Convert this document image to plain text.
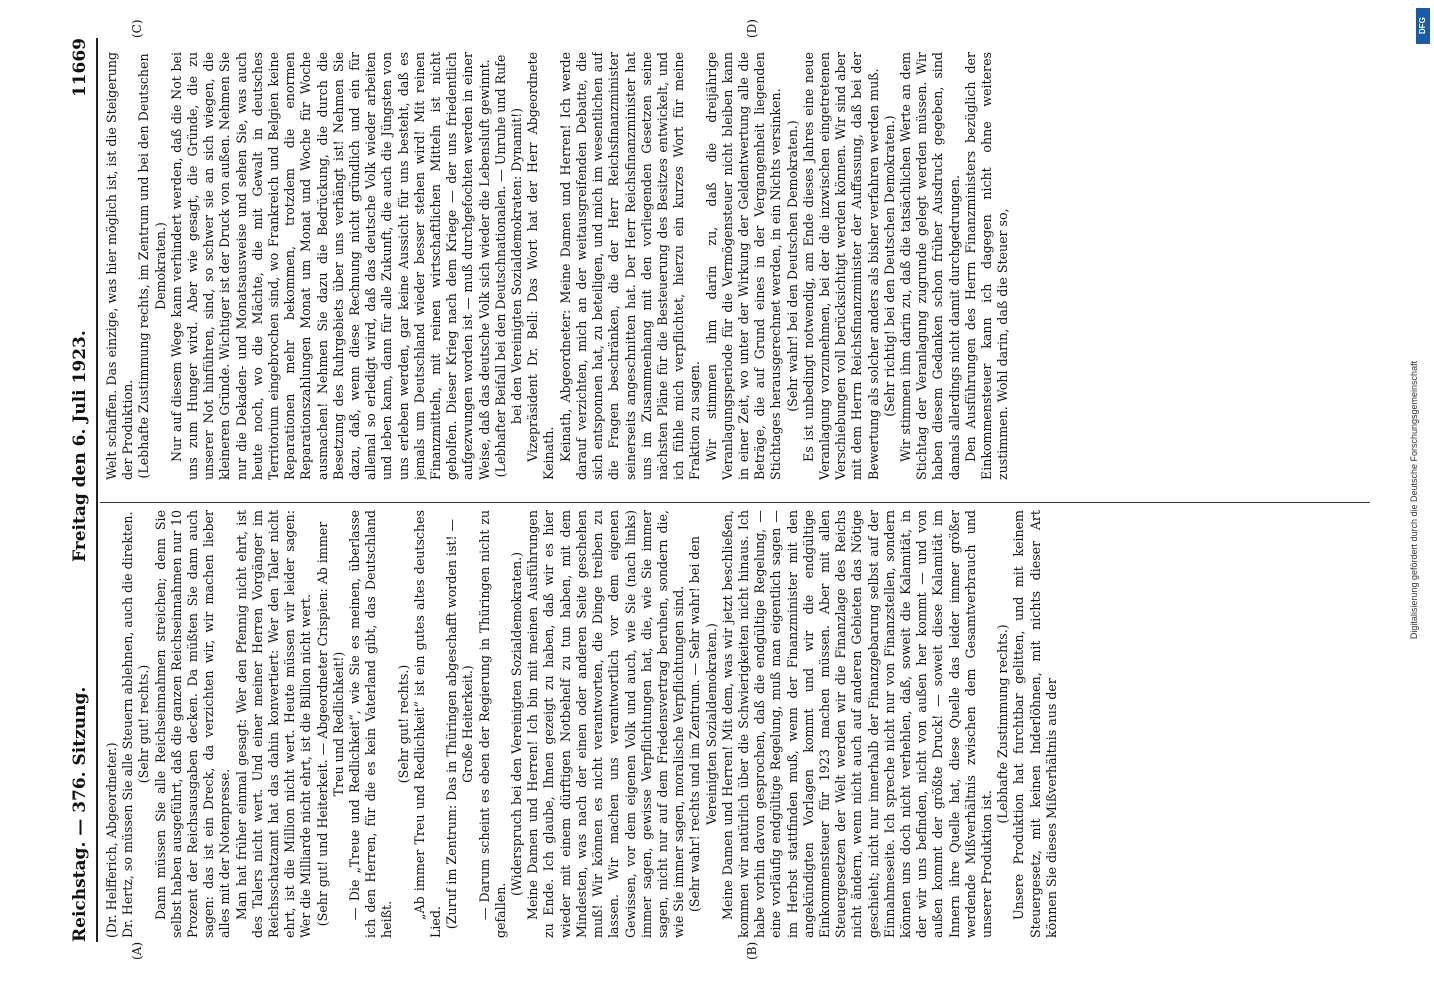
Reichstag. — 376. Sitzung.
Freitag den 6. Juli 1923.
11669
(A)	(B)
(C)	(D)

(Dr. Helfferich, Abgeordneter.) Dr. Hertz, so müssen Sie alle Steuern ablehnen, auch die direkten. (Sehr gut! rechts.) Dann müssen Sie alle Reichseinnahmen streichen; denn Sie selbst haben ausgeführt, daß die ganzen Reichseinnahmen nur 10 Prozent der Reichsausgaben decken. Da müßten Sie dann auch sagen: das ist ein Dreck, da verzichten wir, wir machen lieber alles mit der Notenpresse. Man hat früher einmal gesagt: Wer den Pfennig nicht ehrt, ist des Talers nicht wert. Und einer meiner Herren Vorgänger im Reichsschatzamt hat das dahin konvertiert: Wer den Taler nicht ehrt, ist die Million nicht wert. Heute müssen wir leider sagen: Wer die Milliarde nicht ehrt, ist die Billion nicht wert. (Sehr gut! und Heiterkeit. — Abgeordneter Crispien: Ab immer Treu und Redlichkeit!) — Die „Treue und Redlichkeit“, wie Sie es meinen, überlasse ich den Herren, für die es kein Vaterland gibt, das Deutschland heißt.

(Sehr gut! rechts.) „Ab immer Treu und Redlichkeit“ ist ein gutes altes deutsches Lied. (Zuruf im Zentrum: Das in Thüringen abgeschafft worden ist! — Große Heiterkeit.) — Darum scheint es eben der Regierung in Thüringen nicht zu gefallen.

(Widerspruch bei den Vereinigten Sozialdemokraten.) Meine Damen und Herren! Ich bin mit meinen Ausführungen zu Ende. Ich glaube, Ihnen gezeigt zu haben, daß wir es hier wieder mit einem dürftigen Notbehelf zu tun haben, mit dem Mindesten, was nach der einen oder anderen Seite geschehen muß! Wir können es nicht verantworten, die Dinge treiben zu lassen. Wir machen uns verantwortlich vor dem eigenen Gewissen, vor dem eigenen Volk und auch, wie Sie (nach links) immer sagen, gewisse Verpflichtungen hat, die, wie Sie immer sagen, nicht nur auf dem Friedensvertrag beruhen, sondern die, wie Sie immer sagen, moralische Verpflichtungen sind. (Sehr wahr! rechts und im Zentrum. — Sehr wahr! bei den Vereinigten Sozialdemokraten.) Meine Damen und Herren! Mit dem, was wir jetzt beschließen, kommen wir natürlich über die Schwierigkeiten nicht hinaus. Ich habe vorhin davon gesprochen, daß die endgültige Regelung, — eine vorläufig endgültige Regelung, muß man eigentlich sagen — im Herbst stattfinden muß, wenn der Finanzminister mit den angekündigten Vorlagen kommt und wir die endgültige Einkommensteuer für 1923 machen müssen. Aber mit allen Steuergesetzen der Welt werden wir die Finanzlage des Reichs nicht ändern, wenn nicht auch auf anderen Gebieten das Nötige geschieht; nicht nur innerhalb der Finanzgebarung selbst auf der Einnahmeseite. Ich spreche nicht nur von Finanzstellen, sondern können uns doch nicht verhehlen, daß, soweit die Kalamität, in der wir uns befinden, nicht von außen her kommt — und von außen kommt der größte Druck! — soweit diese Kalamität im Innern ihre Quelle hat, diese Quelle das leider immer größer werdende Mißverhältnis zwischen dem Gesamtverbrauch und unserer Produktion ist.

(Lebhafte Zustimmung rechts.) Unsere Produktion hat furchtbar gelitten, und mit keinem Steuergesetz, mit keinen Inderlöhnen, mit nichts dieser Art können Sie dieses Mißverhältnis aus der

Welt schaffen. Das einzige, was hier möglich ist, ist die Steigerung der Produktion. (Lebhafte Zustimmung rechts, im Zentrum und bei den Deutschen Demokraten.) Nur auf diesem Wege kann verhindert werden, daß die Not bei uns zum Hunger wird. Aber wie gesagt, die Gründe, die zu unserer Not hinführen, sind, so schwer sie an sich wiegen, die kleineren Gründe. Wichtiger ist der Druck von außen. Nehmen Sie nur die Dekaden- und Monatsausweise und sehen Sie, was auch heute noch, wo die Mächte, die mit Gewalt in deutsches Territorium eingebrochen sind, wo Frankreich und Belgien keine Reparationen mehr bekommen, trotzdem die enormen Reparationszahlungen Monat um Monat und Woche für Woche ausmachen! Nehmen Sie dazu die Bedrückung, die durch die Besetzung des Ruhrgebiets über uns verhängt ist! Nehmen Sie dazu, daß, wenn diese Rechnung nicht gründlich und ein für allemal so erledigt wird, daß das deutsche Volk wieder arbeiten und leben kann, dann für alle Zukunft, die auch die Jüngsten von uns erleben werden, gar keine Aussicht für uns besteht, daß es jemals um Deutschland wieder besser stehen wird! Mit reinen Finanzmitteln, mit reinen wirtschaftlichen Mitteln ist nicht geholfen. Dieser Krieg nach dem Kriege — der uns friedentlich aufgezwungen worden ist — muß durchgefochten werden in einer Weise, daß das deutsche Volk sich wieder die Lebensluft gewinnt. (Lebhafter Beifall bei den Deutschnationalen. — Unruhe und Rufe bei den Vereinigten Sozialdemokraten: Dynamit!) Vizepräsident Dr. Bell: Das Wort hat der Herr Abgeordnete Keinath. Keinath, Abgeordneter: Meine Damen und Herren! Ich werde darauf verzichten, mich an der weitausgreifenden Debatte, die sich entsponnen hat, zu beteiligen, und mich im wesentlichen auf die Fragen beschränken, die der Herr Reichsfinanzminister seinerseits angeschnitten hat. Der Herr Reichsfinanzminister hat uns im Zusammenhang mit den vorliegenden Gesetzen seine nächsten Pläne für die Besteuerung des Besitzes entwickelt, und ich fühle mich verpflichtet, hierzu ein kurzes Wort für meine Fraktion zu sagen. Wir stimmen ihm darin zu, daß die dreijährige Veranlagungsperiode für die Vermögensteuer nicht bleiben kann in einer Zeit, wo unter der Wirkung der Geldentwertung alle die Beträge, die auf Grund eines in der Vergangenheit liegenden Stichtages herausgerechnet werden, in ein Nichts versinken. (Sehr wahr! bei den Deutschen Demokraten.) Es ist unbedingt notwendig, am Ende dieses Jahres eine neue Veranlagung vorzunehmen, bei der die inzwischen eingetretenen Verschiebungen voll berücksichtigt werden können. Wir sind aber mit dem Herrn Reichsfinanzminister der Auffassung, daß bei der Bewertung als solcher anders als bisher verfahren werden muß. (Sehr richtig! bei den Deutschen Demokraten.) Wir stimmen ihm darin zu, daß die tatsächlichen Werte an dem Stichtag der Veranlagung zugrunde gelegt werden müssen. Wir haben diesem Gedanken schon früher Ausdruck gegeben, sind damals allerdings nicht damit durchgedrungen. Den Ausführungen des Herrn Finanzministers bezüglich der Einkommensteuer kann ich dagegen nicht ohne weiteres zustimmen. Wohl darin, daß die Steuer so,

DFG
Digitalisierung gefördert durch die Deutsche Forschungsgemeinschaft
